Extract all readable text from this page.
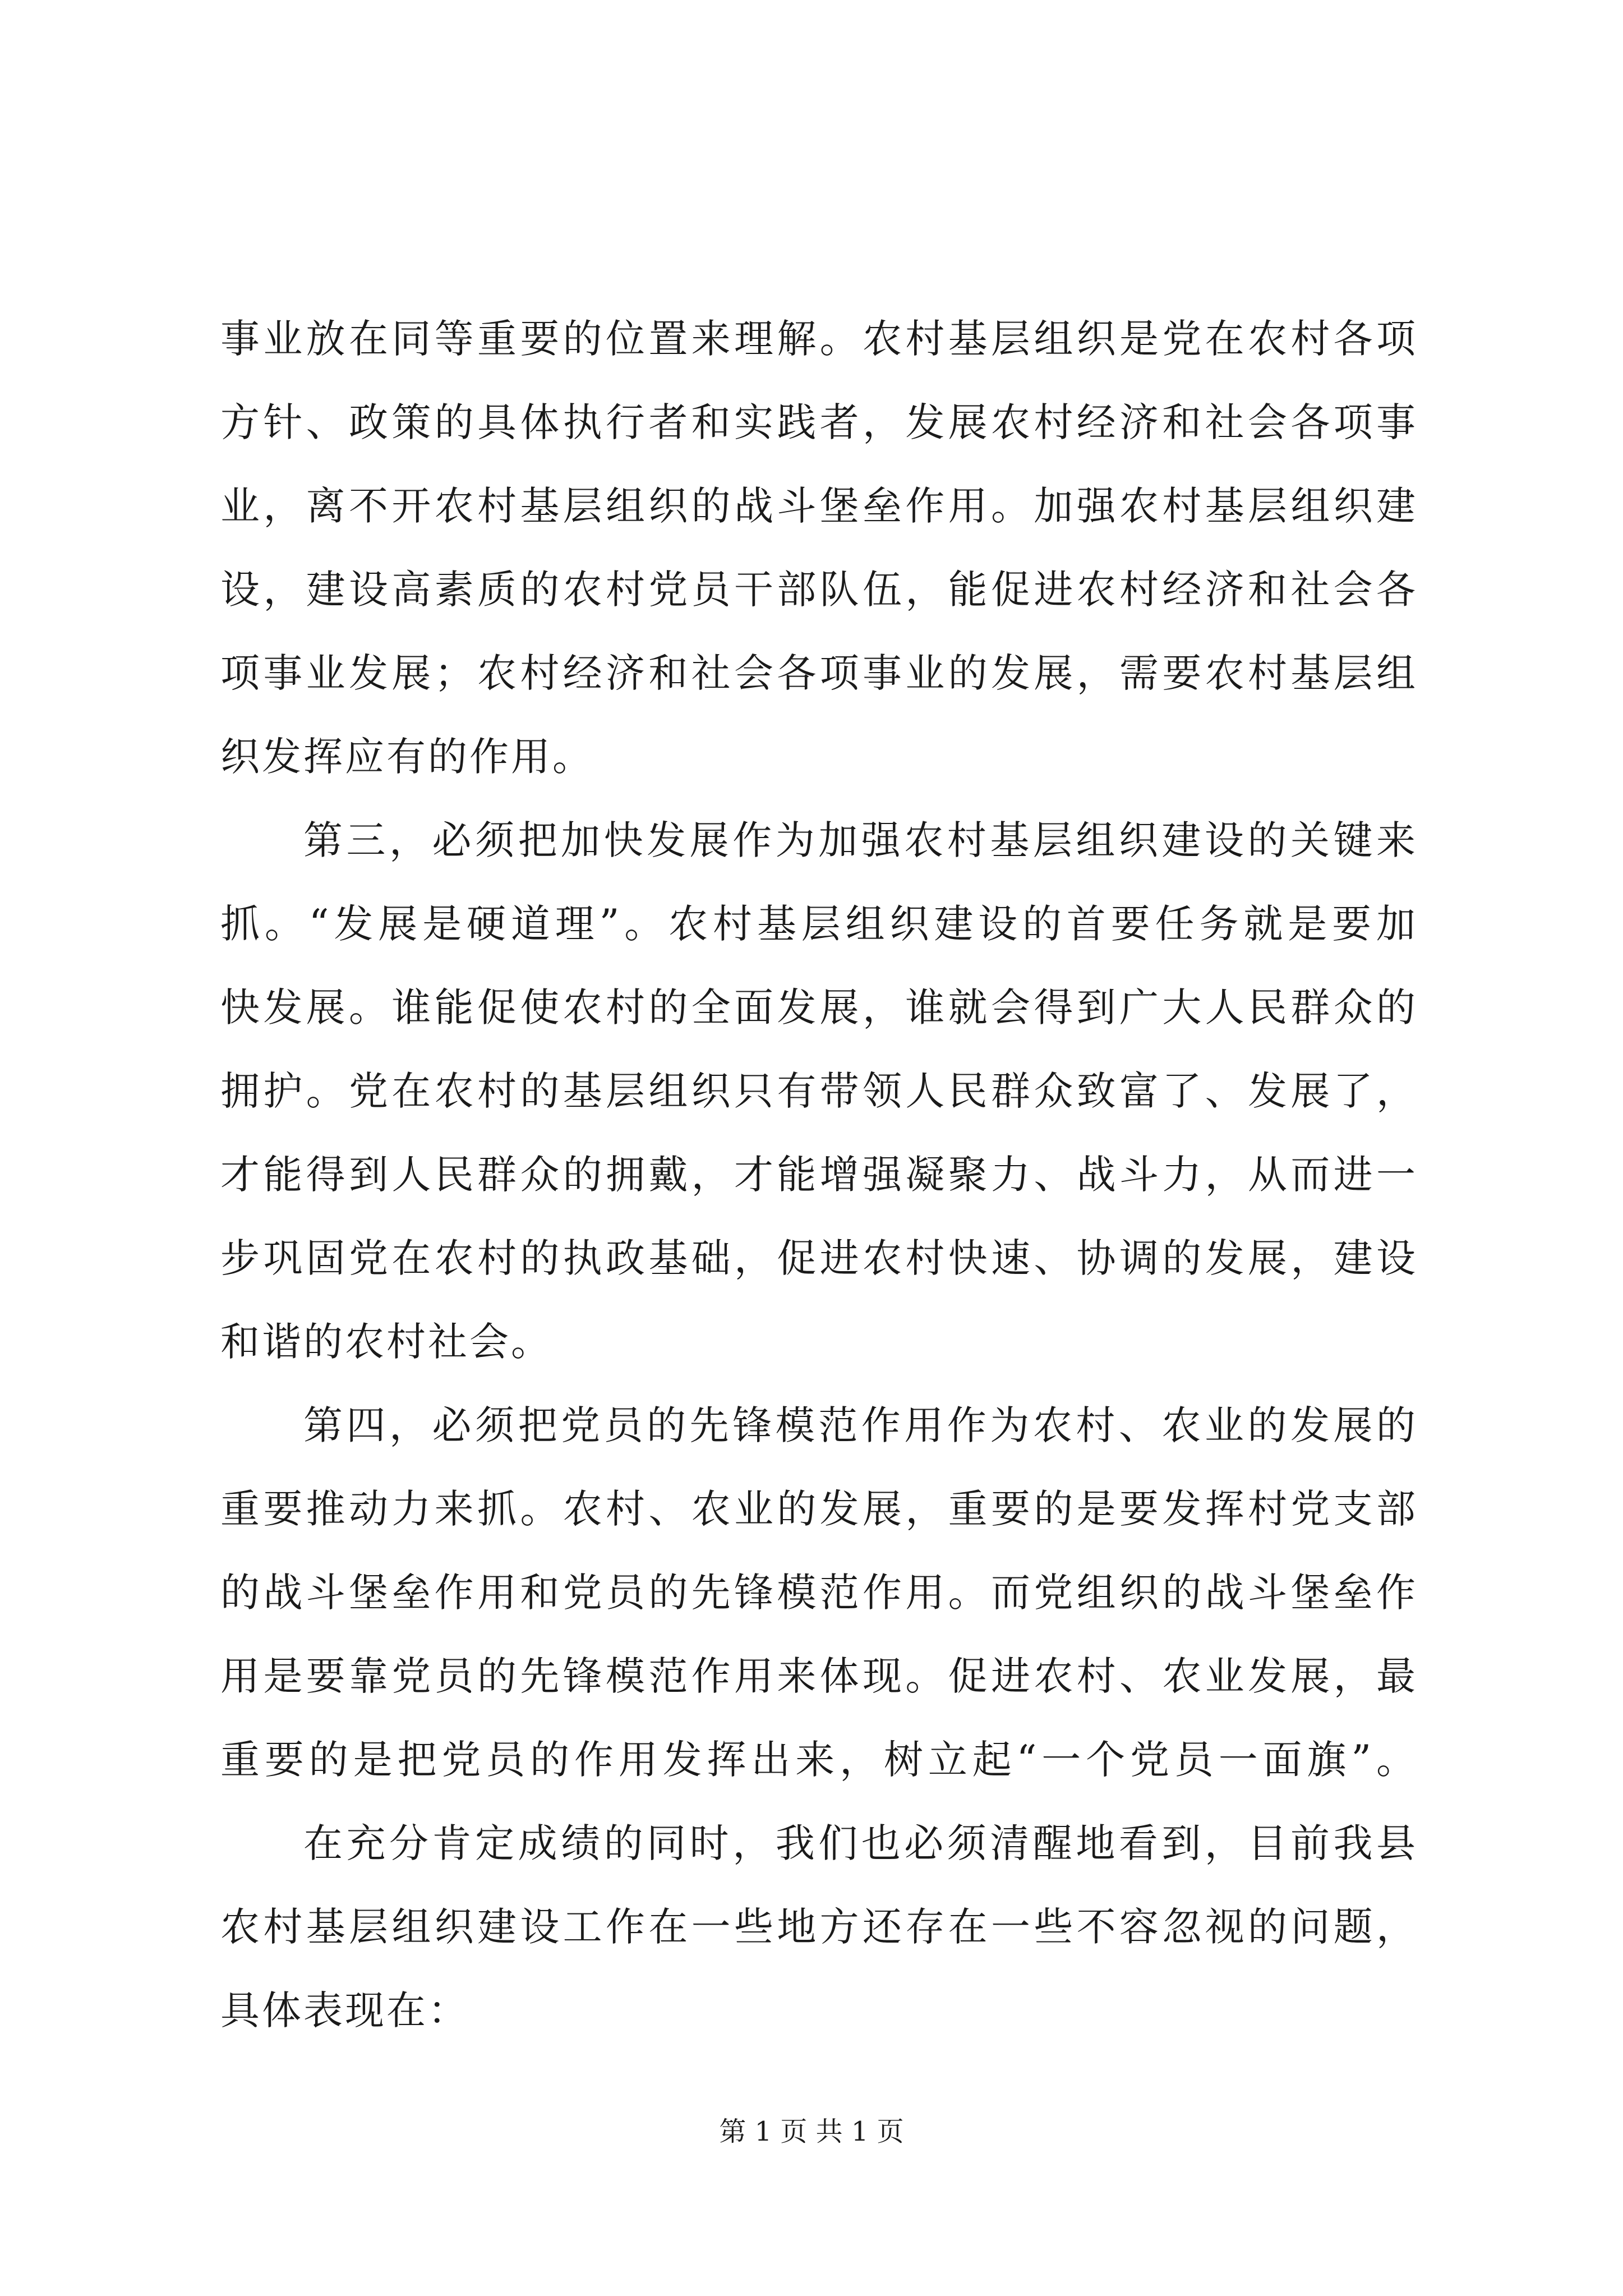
事业放在同等重要的位置来理解。农村基层组织是党在农村各项
方针、政策的具体执行者和实践者，发展农村经济和社会各项事
业，离不开农村基层组织的战斗堡垒作用。加强农村基层组织建
设，建设高素质的农村党员干部队伍，能促进农村经济和社会各
项事业发展；农村经济和社会各项事业的发展，需要农村基层组
织发挥应有的作用。

第三，必须把加快发展作为加强农村基层组织建设的关键来
抓。“发展是硬道理”。农村基层组织建设的首要任务就是要加
快发展。谁能促使农村的全面发展，谁就会得到广大人民群众的
拥护。党在农村的基层组织只有带领人民群众致富了、发展了，
才能得到人民群众的拥戴，才能增强凝聚力、战斗力，从而进一
步巩固党在农村的执政基础，促进农村快速、协调的发展，建设
和谐的农村社会。

第四，必须把党员的先锋模范作用作为农村、农业的发展的
重要推动力来抓。农村、农业的发展，重要的是要发挥村党支部
的战斗堡垒作用和党员的先锋模范作用。而党组织的战斗堡垒作
用是要靠党员的先锋模范作用来体现。促进农村、农业发展，最
重要的是把党员的作用发挥出来，树立起“一个党员一面旗”。

在充分肯定成绩的同时，我们也必须清醒地看到，目前我县
农村基层组织建设工作在一些地方还存在一些不容忽视的问题，
具体表现在：

第 1 页 共 1 页
